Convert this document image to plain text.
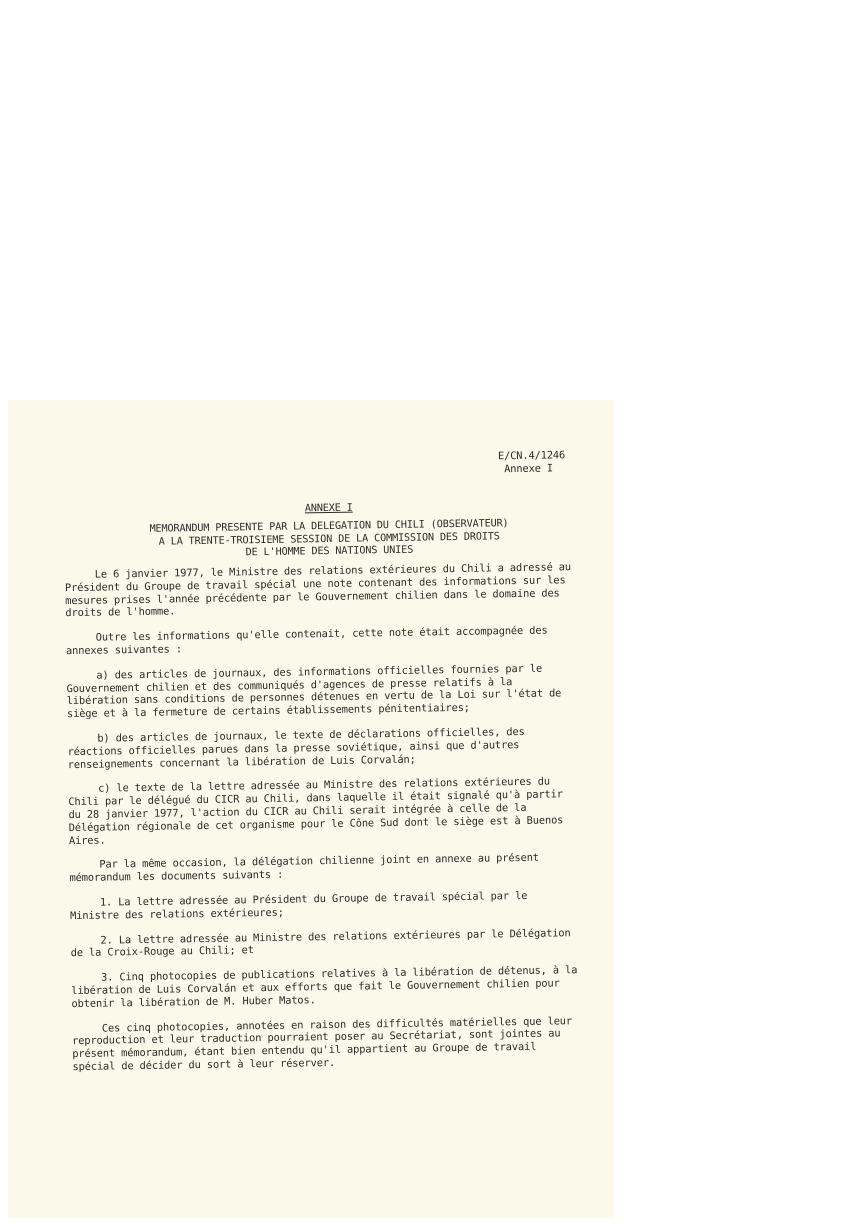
E/CN.4/1246
Annexe I
ANNEXE I
MEMORANDUM PRESENTE PAR LA DELEGATION DU CHILI (OBSERVATEUR)
A LA TRENTE-TROISIEME SESSION DE LA COMMISSION DES DROITS
DE L'HOMME DES NATIONS UNIES

Le 6 janvier 1977, le Ministre des relations extérieures du Chili a adressé au Président du Groupe de travail spécial une note contenant des informations sur les mesures prises l'année précédente par le Gouvernement chilien dans le domaine des droits de l'homme.

Outre les informations qu'elle contenait, cette note était accompagnée des annexes suivantes :

a) des articles de journaux, des informations officielles fournies par le Gouvernement chilien et des communiqués d'agences de presse relatifs à la libération sans conditions de personnes détenues en vertu de la Loi sur l'état de siège et à la fermeture de certains établissements pénitentiaires;

b) des articles de journaux, le texte de déclarations officielles, des réactions officielles parues dans la presse soviétique, ainsi que d'autres renseignements concernant la libération de Luis Corvalán;

c) le texte de la lettre adressée au Ministre des relations extérieures du Chili par le délégué du CICR au Chili, dans laquelle il était signalé qu'à partir du 28 janvier 1977, l'action du CICR au Chili serait intégrée à celle de la Délégation régionale de cet organisme pour le Cône Sud dont le siège est à Buenos Aires.

Par la même occasion, la délégation chilienne joint en annexe au présent mémorandum les documents suivants :

1. La lettre adressée au Président du Groupe de travail spécial par le Ministre des relations extérieures;

2. La lettre adressée au Ministre des relations extérieures par le Délégation de la Croix-Rouge au Chili; et

3. Cinq photocopies de publications relatives à la libération de détenus, à la libération de Luis Corvalán et aux efforts que fait le Gouvernement chilien pour obtenir la libération de M. Huber Matos.

Ces cinq photocopies, annotées en raison des difficultés matérielles que leur reproduction et leur traduction pourraient poser au Secrétariat, sont jointes au présent mémorandum, étant bien entendu qu'il appartient au Groupe de travail spécial de décider du sort à leur réserver.
